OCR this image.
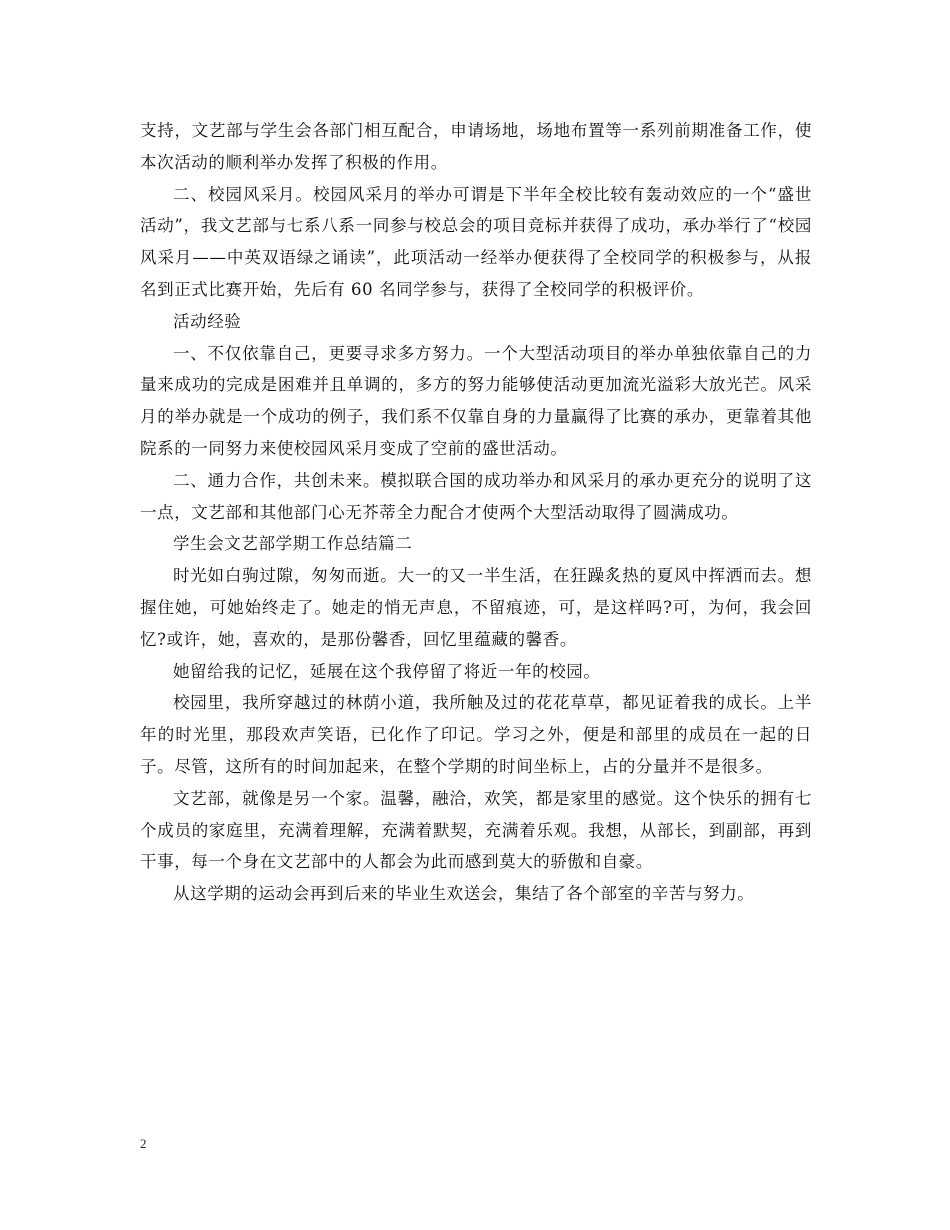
支持，文艺部与学生会各部门相互配合，申请场地，场地布置等一系列前期准备工作，使本次活动的顺利举办发挥了积极的作用。

二、校园风采月。校园风采月的举办可谓是下半年全校比较有轰动效应的一个“盛世活动”，我文艺部与七系八系一同参与校总会的项目竞标并获得了成功，承办举行了“校园风采月——中英双语绿之诵读”，此项活动一经举办便获得了全校同学的积极参与，从报名到正式比赛开始，先后有 60 名同学参与，获得了全校同学的积极评价。

活动经验

一、不仅依靠自己，更要寻求多方努力。一个大型活动项目的举办单独依靠自己的力量来成功的完成是困难并且单调的，多方的努力能够使活动更加流光溢彩大放光芒。风采月的举办就是一个成功的例子，我们系不仅靠自身的力量赢得了比赛的承办，更靠着其他院系的一同努力来使校园风采月变成了空前的盛世活动。

二、通力合作，共创未来。模拟联合国的成功举办和风采月的承办更充分的说明了这一点，文艺部和其他部门心无芥蒂全力配合才使两个大型活动取得了圆满成功。

学生会文艺部学期工作总结篇二

时光如白驹过隙，匆匆而逝。大一的又一半生活，在狂躁炙热的夏风中挥洒而去。想握住她，可她始终走了。她走的悄无声息，不留痕迹，可，是这样吗?可，为何，我会回忆?或许，她，喜欢的，是那份馨香，回忆里蕴藏的馨香。

她留给我的记忆，延展在这个我停留了将近一年的校园。

校园里，我所穿越过的林荫小道，我所触及过的花花草草，都见证着我的成长。上半年的时光里，那段欢声笑语，已化作了印记。学习之外，便是和部里的成员在一起的日子。尽管，这所有的时间加起来，在整个学期的时间坐标上，占的分量并不是很多。

文艺部，就像是另一个家。温馨，融洽，欢笑，都是家里的感觉。这个快乐的拥有七个成员的家庭里，充满着理解，充满着默契，充满着乐观。我想，从部长，到副部，再到干事，每一个身在文艺部中的人都会为此而感到莫大的骄傲和自豪。

从这学期的运动会再到后来的毕业生欢送会，集结了各个部室的辛苦与努力。

2
